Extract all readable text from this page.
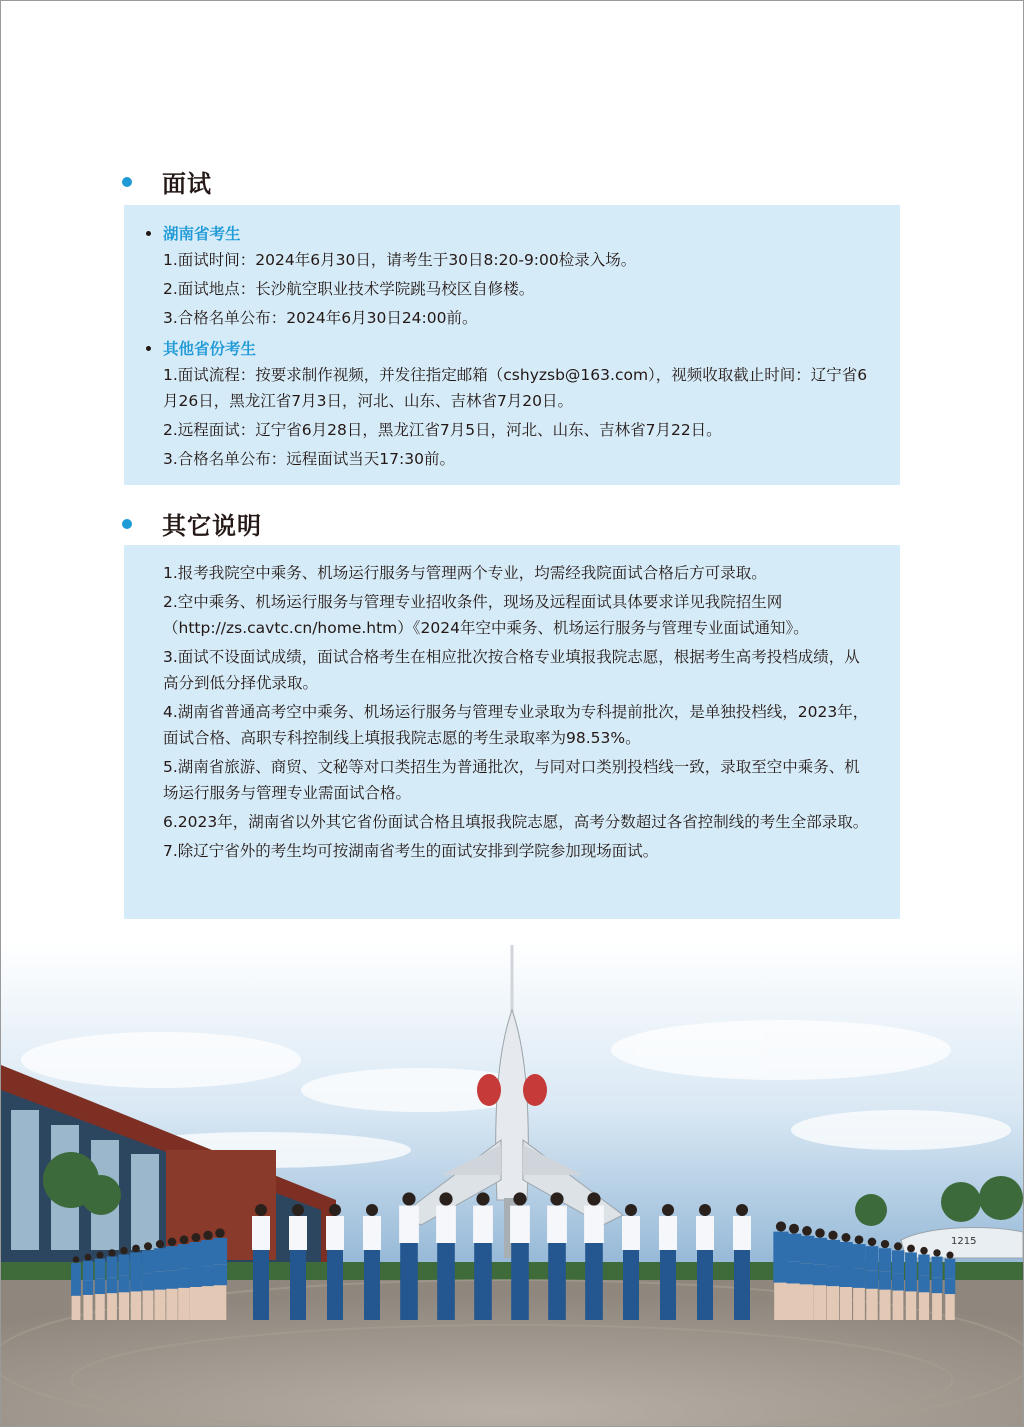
面试
湖南省考生
1.面试时间：2024年6月30日，请考生于30日8:20-9:00检录入场。
2.面试地点：长沙航空职业技术学院跳马校区自修楼。
3.合格名单公布：2024年6月30日24:00前。
其他省份考生
1.面试流程：按要求制作视频，并发往指定邮箱（cshyzsb@163.com），视频收取截止时间：辽宁省6月26日，黑龙江省7月3日，河北、山东、吉林省7月20日。
2.远程面试：辽宁省6月28日，黑龙江省7月5日，河北、山东、吉林省7月22日。
3.合格名单公布：远程面试当天17:30前。
其它说明
1.报考我院空中乘务、机场运行服务与管理两个专业，均需经我院面试合格后方可录取。
2.空中乘务、机场运行服务与管理专业招收条件，现场及远程面试具体要求详见我院招生网（http://zs.cavtc.cn/home.htm）《2024年空中乘务、机场运行服务与管理专业面试通知》。
3.面试不设面试成绩，面试合格考生在相应批次按合格专业填报我院志愿，根据考生高考投档成绩，从高分到低分择优录取。
4.湖南省普通高考空中乘务、机场运行服务与管理专业录取为专科提前批次，是单独投档线，2023年，面试合格、高职专科控制线上填报我院志愿的考生录取率为98.53%。
5.湖南省旅游、商贸、文秘等对口类招生为普通批次，与同对口类别投档线一致，录取至空中乘务、机场运行服务与管理专业需面试合格。
6.2023年，湖南省以外其它省份面试合格且填报我院志愿，高考分数超过各省控制线的考生全部录取。
7.除辽宁省外的考生均可按湖南省考生的面试安排到学院参加现场面试。
1215
